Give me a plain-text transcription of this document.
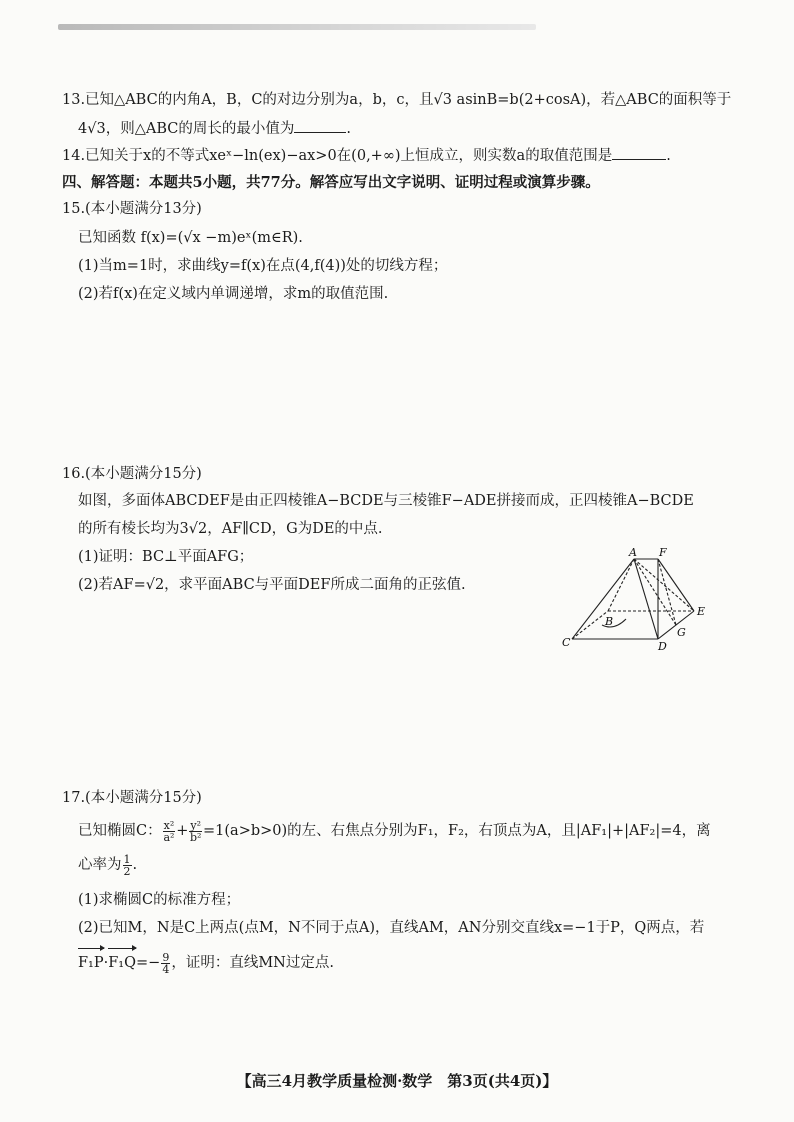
13.已知△ABC的内角A，B，C的对边分别为a，b，c，且√3 asinB=b(2+cosA)，若△ABC的面积等于
4√3，则△ABC的周长的最小值为	.
14.已知关于x的不等式xeˣ−ln(ex)−ax>0在(0,+∞)上恒成立，则实数a的取值范围是	.
四、解答题：本题共5小题，共77分。解答应写出文字说明、证明过程或演算步骤。
15.(本小题满分13分)
已知函数 f(x)=(√x −m)eˣ(m∈R).
(1)当m=1时，求曲线y=f(x)在点(4,f(4))处的切线方程；
(2)若f(x)在定义域内单调递增，求m的取值范围.
16.(本小题满分15分)
如图，多面体ABCDEF是由正四棱锥A−BCDE与三棱锥F−ADE拼接而成，正四棱锥A−BCDE
的所有棱长均为3√2，AF∥CD，G为DE的中点.
(1)证明：BC⊥平面AFG；
(2)若AF=√2，求平面ABC与平面DEF所成二面角的正弦值.
A F
B
C	D
E
G
17.(本小题满分15分)
已知椭圆C： $\frac{\text{x²}}{\text{a²}} + \frac{\text{y²}}{\text{b²}} =1(a>b>0)$的左、右焦点分别为F₁，F₂，右顶点为A，且|AF₁|+|AF₂|=4，离
心率为 $\frac{1}{2}$ .
(1)求椭圆C的标准方程；
(2)已知M，N是C上两点(点M，N不同于点A)，直线AM，AN分别交直线x=−1于P，Q两点，若
$F_1P\cdot F_1Q=- \frac{9}{4}$ ，证明：直线MN过定点.
【高三4月教学质量检测·数学　第3页(共4页)】
